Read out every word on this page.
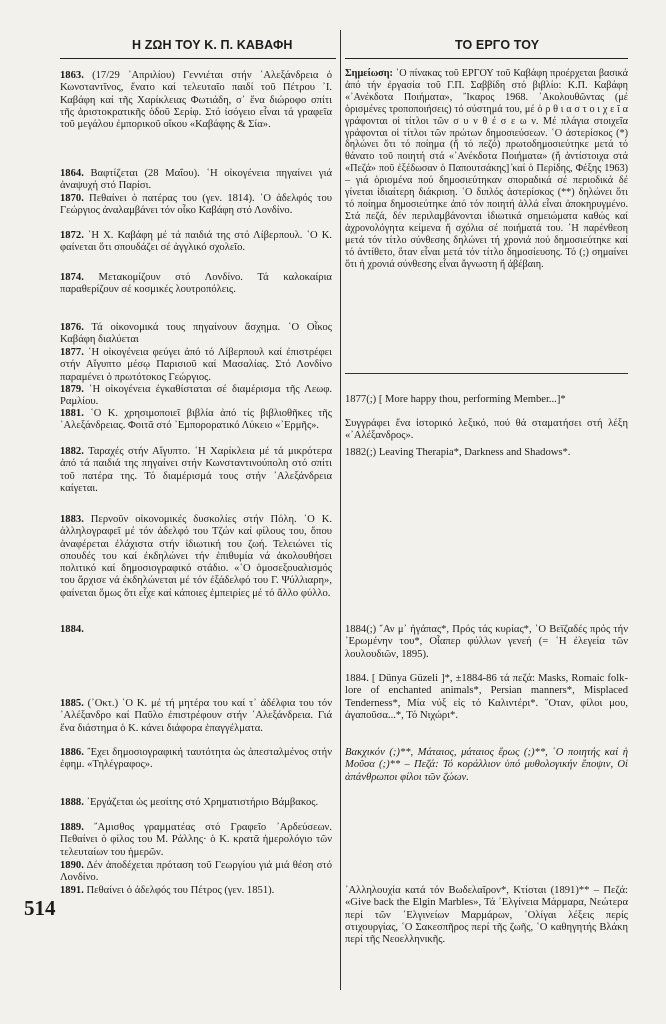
Η ΖΩΗ ΤΟΥ Κ. Π. ΚΑΒΑΦΗ	ΤΟ ΕΡΓΟ ΤΟΥ
1863. (17/29 ᾽Απριλίου) Γεννιέται στήν ᾽Αλεξάνδρεια ὁ Κωνσταντῖνος, ἔνατο καί τελευταῖο παιδί τοῦ Πέτρου ᾽Ι. Καβάφη καί τῆς Χαρίκλειας Φωτιάδη, σ᾽ ἕνα διώροφο σπίτι τῆς ἀριστοκρατικῆς ὁδοῦ Σερίφ. Στό ἰσόγειο εἶναι τά γραφεῖα τοῦ μεγάλου ἐμπορικοῦ οἴκου «Καβάφης & Σία».
1864. Βαφτίζεται (28 Μαΐου). ῾Η οἰκογένεια πηγαίνει γιά ἀναψυχή στό Παρίσι.
1870. Πεθαίνει ὁ πατέρας του (γεν. 1814). ῾Ο ἀδελφός του Γεώργιος ἀναλαμβάνει τόν οἶκο Καβάφη στό Λονδίνο.
1872. ῾Η Χ. Καβάφη μέ τά παιδιά της στό Λίβερπουλ. ῾Ο Κ. φαίνεται ὅτι σπουδάζει σέ ἀγγλικό σχολεῖο.
1874. Μετακομίζουν στό Λονδίνο. Τά καλοκαίρια παραθερίζουν σέ κοσμικές λουτροπόλεις.
1876. Τά οἰκονομικά τους πηγαίνουν ἄσχημα. ῾Ο Οἶκος Καβάφη διαλύεται
1877. ῾Η οἰκογένεια φεύγει ἀπό τό Λίβερπουλ καί ἐπιστρέφει στήν Αἴγυπτο μέσῳ Παρισιοῦ καί Μασαλίας. Στό Λονδίνο παραμένει ὁ πρωτότοκος Γεώργιος.
1879. ῾Η οἰκογένεια ἐγκαθίσταται σέ διαμέρισμα τῆς Λεωφ. Ραμλίου.
1881. ῾Ο Κ. χρησιμοποιεῖ βιβλία ἀπό τίς βιβλιοθῆκες τῆς ᾽Αλεξάνδρειας. Φοιτᾶ στό ᾽Εμπορορατικό Λύκειο «᾽Ερμῆς».
1882. Ταραχές στήν Αἴγυπτο. ῾Η Χαρίκλεια μέ τά μικρότερα ἀπό τά παιδιά της πηγαίνει στήν Κωνσταντινούπολη στό σπίτι τοῦ πατέρα της. Τό διαμέρισμά τους στήν ᾽Αλεξάνδρεια καίγεται.
1883. Περνοῦν οἰκονομικές δυσκολίες στήν Πόλη. ῾Ο Κ. ἀλληλογραφεῖ μέ τόν ἀδελφό του Τζών καί φίλους του, ὅπου ἀναφέρεται ἐλάχιστα στήν ἰδιωτική του ζωή. Τελειώνει τίς σπουδές του καί ἐκδηλώνει τήν ἐπιθυμία νά ἀκολουθήσει πολιτικό καί δημοσιογραφικό στάδιο. «῾Ο ὁμοσεξουαλισμός του ἄρχισε νά ἐκδηλώνεται μέ τόν ἐξάδελφό του Γ. Ψύλλιαρη», φαίνεται ὅμως ὅτι εἶχε καί κάποιες ἐμπειρίες μέ τό ἄλλο φύλλο.
1884.
1885. (᾽Οκτ.) ῾Ο Κ. μέ τή μητέρα του καί τ᾽ ἀδέλφια του τόν ᾽Αλέξανδρο καί Παῦλο ἐπιστρέφουν στήν ᾽Αλεξάνδρεια. Γιά ἕνα διάστημα ὁ Κ. κάνει διάφορα ἐπαγγέλματα.
1886. ῎Εχει δημοσιογραφική ταυτότητα ὡς ἀπεσταλμένος στήν ἐφημ. «Τηλέγραφος».
1888. ᾽Εργάζεται ὡς μεσίτης στό Χρηματιστήριο Βάμβακος.
1889. ῎Αμισθος γραμματέας στό Γραφεῖο ᾽Αρδεύσεων. Πεθαίνει ὁ φίλος του Μ. Ράλλης· ὁ Κ. κρατᾶ ἡμερολόγιο τῶν τελευταίων του ἡμερῶν.
1890. Δέν ἀποδέχεται πρόταση τοῦ Γεωργίου γιά μιά θέση στό Λονδίνο.
1891. Πεθαίνει ὁ ἀδελφός του Πέτρος (γεν. 1851).
514
Σημείωση: ῾Ο πίνακας τοῦ ΕΡΓΟΥ τοῦ Καβάφη προέρχεται βασικά ἀπό τήν ἐργασία τοῦ Γ.Π. Σαββίδη στό βιβλίο: Κ.Π. Καβάφη «᾽Ανέκδοτα Ποιήματα», ῎Ικαρος 1968. ᾽Ακολουθῶντας (μέ ὁρισμένες τροποποιήσεις) τό σύστημά του, μέ ὀ ρ θ ι α σ τ ο ι χ ε ῖ α γράφονται οἱ τίτλοι τῶν σ υ ν θ έ σ ε ω ν. Μέ πλάγια στοιχεῖα γράφονται οἱ τίτλοι τῶν πρώτων δημοσιεύσεων. ῾Ο ἀστερίσκος (*) δηλώνει ὅτι τό ποίημα (ἤ τό πεζό) πρωτοδημοσιεύτηκε μετά τό θάνατο τοῦ ποιητή στά «᾽Ανέκδοτα Ποιήματα» (ἤ ἀντίστοιχα στά «Πεζά» ποῦ ἐξέδωσαν ὁ Παπουτσάκης] ̓καί ὁ Περίδης, Φέξης 1963) – γιά ὁρισμένα πού δημοσιεύτηκαν σποραδικά σέ περιοδικά δέ γίνεται ἰδιαίτερη διάκριση. ῾Ο διπλός ἀστερίσκος (**) δηλώνει ὅτι τό ποίημα δημοσιεύτηκε ἀπό τόν ποιητή ἀλλά εἶναι ἀποκηρυγμένο. Στά πεζά, δέν περιλαμβάνονται ἰδιωτικά σημειώματα καθώς καί ἀχρονολόγητα κείμενα ἤ σχόλια σέ ποιήματά του. ῾Η παρένθεση μετά τόν τίτλο σύνθεσης δηλώνει τή χρονιά πού δημοσιεύτηκε καί τό ἀντίθετο, ὅταν εἶναι μετά τόν τίτλο δημοσίευσης. Τό (;) σημαίνει ὅτι ἡ χρονιά σύνθεσης εἶναι ἄγνωστη ἤ ἀβέβαιη.
1877(;) [ More happy thou, performing Member...]*
Συγγράφει ἕνα ἱστορικό λεξικό, πού θά σταματήσει στή λέξη «᾽Αλέξανδρος».
1882(;) Leaving Therapia*, Darkness and Shadows*.
1884(;) ῎Αν μ᾽ ἠγάπας*, Πρός τάς κυρίας*, ῾Ο Βεϊζαδές πρός τήν ᾽Ερωμένην του*, Οἶαπερ φύλλων γενεή (= ῾Η ἐλεγεία τῶν λουλουδιῶν, 1895).
1884. [ Dünya Güzeli ]*, ±1884-86 τά πεζά: Masks, Romaic folk-lore of enchanted animals*, Persian manners*, Misplaced Tenderness*, Μία νύξ εἰς τό Καλιντέρι*. ῞Οταν, φίλοι μου, ἀγαποῦσα...*, Τό Νιχώρι*.
Βακχικόν (;)**, Μάταιος, μάταιος ἔρως (;)**, ῾Ο ποιητής καί ἡ Μοῦσα (;)** – Πεζά: Τό κοράλλιον ὑπό μυθολογικήν ἔποψιν, Οἱ ἀπάνθρωποι φίλοι τῶν ζώων.
᾽Αλληλουχία κατά τόν Βωδελαῖρον*, Κτίσται (1891)** – Πεζά: «Give back the Elgin Marbles», Τά ᾽Ελγίνεια Μάρμαρα, Νεώτερα περί τῶν ᾽Ελγινείων Μαρμάρων, ᾽Ολίγαι λέξεις περίς στιχουργίας, ῾Ο Σακεσπῆρος περί τῆς ζωῆς, ῾Ο καθηγητής Βλάκη περί τῆς Νεοελληνικῆς.
